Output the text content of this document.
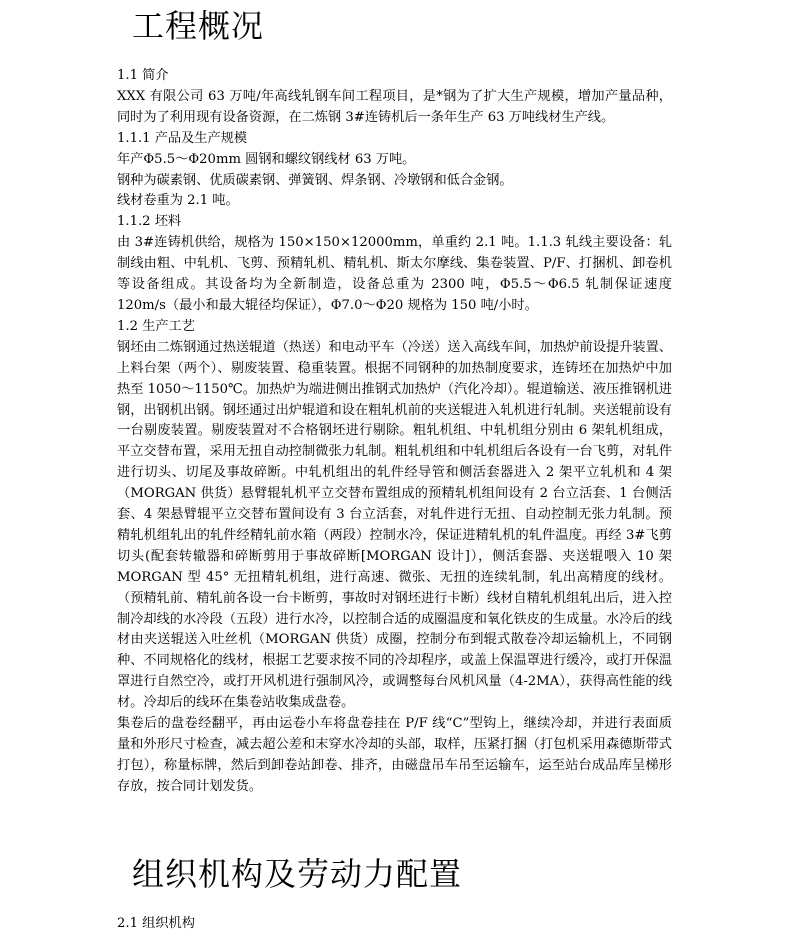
工程概况

1.1 简介

XXX 有限公司 63 万吨/年高线轧钢车间工程项目，是*钢为了扩大生产规模，增加产量品种，同时为了利用现有设备资源，在二炼钢 3#连铸机后一条年生产 63 万吨线材生产线。

1.1.1 产品及生产规模

年产Φ5.5～Φ20mm 圆钢和螺纹钢线材 63 万吨。

钢种为碳素钢、优质碳素钢、弹簧钢、焊条钢、冷墩钢和低合金钢。

线材卷重为 2.1 吨。

1.1.2 坯料

由 3#连铸机供给，规格为 150×150×12000mm，单重约 2.1 吨。1.1.3 轧线主要设备：轧制线由粗、中轧机、飞剪、预精轧机、精轧机、斯太尔摩线、集卷装置、P/F、打捆机、卸卷机等设备组成。其设备均为全新制造，设备总重为 2300 吨，Φ5.5～Φ6.5 轧制保证速度 120m/s（最小和最大辊径均保证），Φ7.0～Φ20 规格为 150 吨/小时。

1.2 生产工艺

钢坯由二炼钢通过热送辊道（热送）和电动平车（冷送）送入高线车间，加热炉前设提升装置、上料台架（两个）、剔废装置、稳重装置。根据不同钢种的加热制度要求，连铸坯在加热炉中加热至 1050～1150℃。加热炉为端进侧出推钢式加热炉（汽化冷却）。辊道输送、液压推钢机进钢，出钢机出钢。钢坯通过出炉辊道和设在粗轧机前的夹送辊进入轧机进行轧制。夹送辊前设有一台剔废装置。剔废装置对不合格钢坯进行剔除。粗轧机组、中轧机组分别由 6 架轧机组成，平立交替布置，采用无扭自动控制微张力轧制。粗轧机组和中轧机组后各设有一台飞剪，对轧件进行切头、切尾及事故碎断。中轧机组出的轧件经导管和侧活套器进入 2 架平立轧机和 4 架（MORGAN 供货）悬臂辊轧机平立交替布置组成的预精轧机组间设有 2 台立活套、1 台侧活套、4 架悬臂辊平立交替布置间设有 3 台立活套，对轧件进行无扭、自动控制无张力轧制。预精轧机组轧出的轧件经精轧前水箱（两段）控制水冷，保证进精轧机的轧件温度。再经 3#飞剪切头(配套转辙器和碎断剪用于事故碎断[MORGAN 设计]），侧活套器、夹送辊喂入 10 架 MORGAN 型 45° 无扭精轧机组，进行高速、微张、无扭的连续轧制，轧出高精度的线材。（预精轧前、精轧前各设一台卡断剪，事故时对钢坯进行卡断）线材自精轧机组轧出后，进入控制冷却线的水冷段（五段）进行水冷，以控制合适的成圈温度和氧化铁皮的生成量。水冷后的线材由夹送辊送入吐丝机（MORGAN 供货）成圈，控制分布到辊式散卷冷却运输机上，不同钢种、不同规格化的线材，根据工艺要求按不同的冷却程序，或盖上保温罩进行缓冷，或打开保温罩进行自然空冷，或打开风机进行强制风冷，或调整每台风机风量（4-2MA），获得高性能的线材。冷却后的线环在集卷站收集成盘卷。

集卷后的盘卷经翻平，再由运卷小车将盘卷挂在 P/F 线“C”型钩上，继续冷却，并进行表面质量和外形尺寸检查，减去超公差和末穿水冷却的头部，取样，压紧打捆（打包机采用森德斯带式打包），称量标牌，然后到卸卷站卸卷、排齐，由磁盘吊车吊至运输车，运至站台成品库呈梯形存放，按合同计划发货。

组织机构及劳动力配置

2.1 组织机构
